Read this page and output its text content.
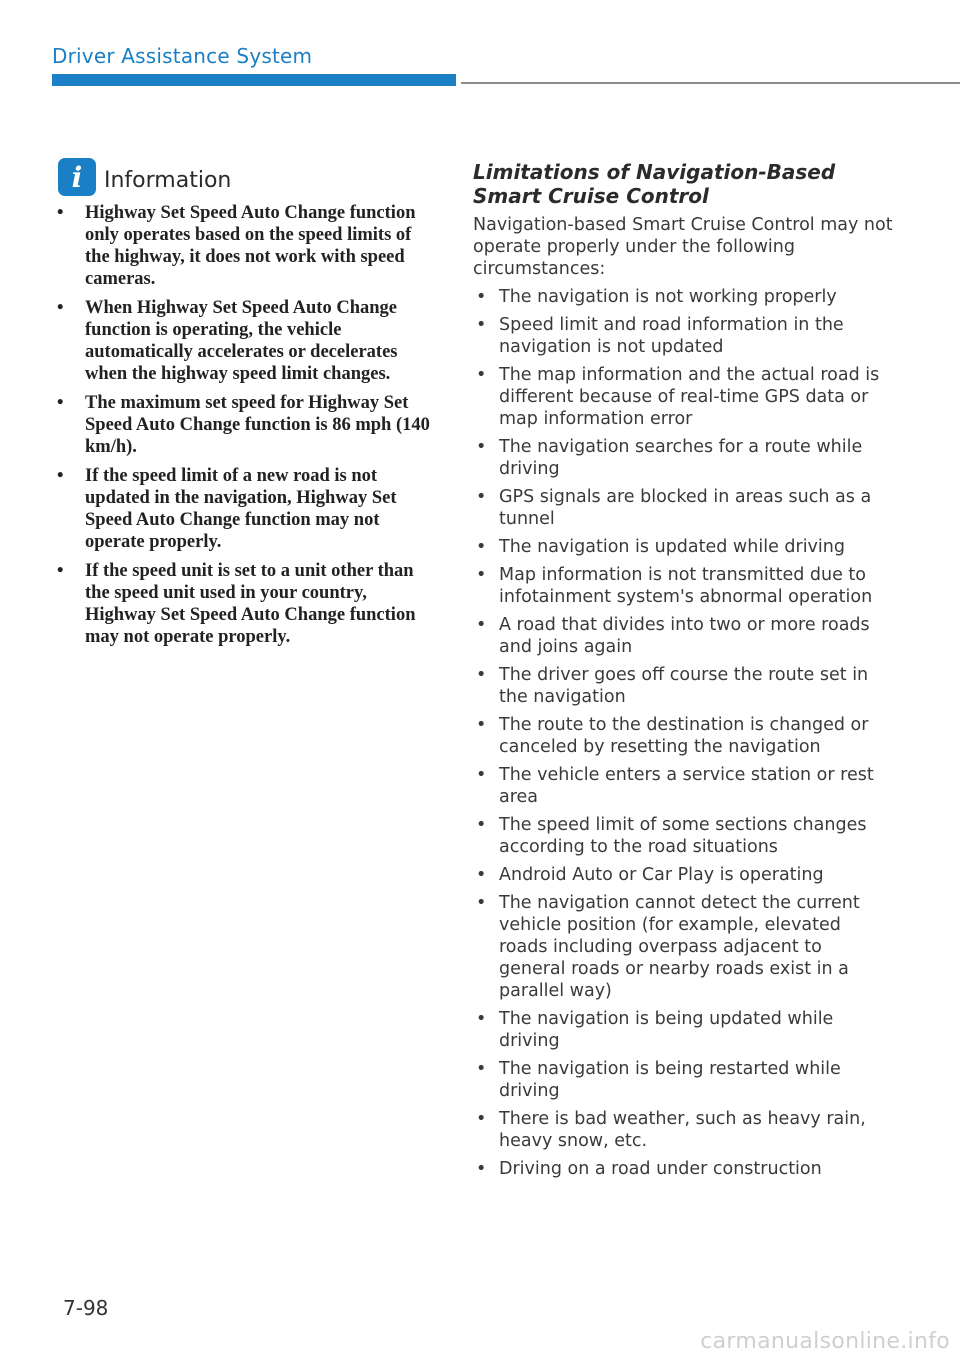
Driver Assistance System
i Information
• Highway Set Speed Auto Change function only operates based on the speed limits of the highway, it does not work with speed cameras.
• When Highway Set Speed Auto Change function is operating, the vehicle automatically accelerates or decelerates when the highway speed limit changes.
• The maximum set speed for Highway Set Speed Auto Change function is 86 mph (140 km/h).
• If the speed limit of a new road is not updated in the navigation, Highway Set Speed Auto Change function may not operate properly.
• If the speed unit is set to a unit other than the speed unit used in your country, Highway Set Speed Auto Change function may not operate properly.
Limitations of Navigation-Based Smart Cruise Control
Navigation-based Smart Cruise Control may not operate properly under the following circumstances:
• The navigation is not working properly
• Speed limit and road information in the navigation is not updated
• The map information and the actual road is different because of real-time GPS data or map information error
• The navigation searches for a route while driving
• GPS signals are blocked in areas such as a tunnel
• The navigation is updated while driving
• Map information is not transmitted due to infotainment system's abnormal operation
• A road that divides into two or more roads and joins again
• The driver goes off course the route set in the navigation
• The route to the destination is changed or canceled by resetting the navigation
• The vehicle enters a service station or rest area
• The speed limit of some sections changes according to the road situations
• Android Auto or Car Play is operating
• The navigation cannot detect the current vehicle position (for example, elevated roads including overpass adjacent to general roads or nearby roads exist in a parallel way)
• The navigation is being updated while driving
• The navigation is being restarted while driving
• There is bad weather, such as heavy rain, heavy snow, etc.
• Driving on a road under construction
7-98
carmanualsonline.info
